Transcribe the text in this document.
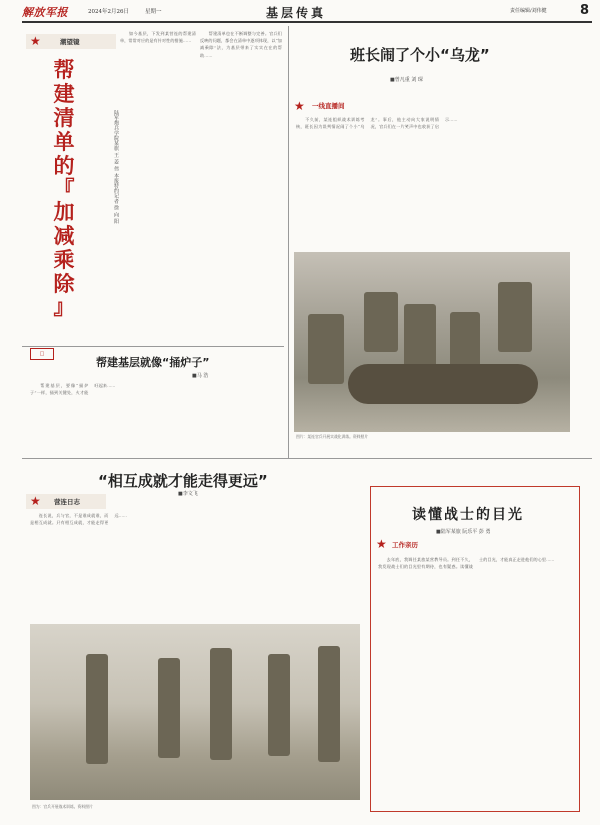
解放军报	2024年2月26日	星期一	基层传真	责任编辑/刘伟健	8
★	潮望镜
帮
建
清
单
的
『
加
减
乘
除
』
陆军炮兵学院某旅 王 姜 伟 本报特约记者 徐 向 阳
　　如今基层，下发到某营连的帮建清单，常常对应的是有针对性的措施……
　　帮建清单也在不断调整与完善。官兵们反映的问题，都会在清单中逐项体现，以“加减乘除”法，为基层带来了实实在在的帮助……
□
帮建基层就像“捅炉子”
■马 浩
　　帮建基层，要像“捅炉子”一样，捅到关键处，火才能旺起来……
班长闹了个小“乌龙”
■曾凡重 刘 琛
★ 一线直播间
　　不久前，某连组织战术训练考核，班长因为误判情况闹了个小“乌龙”。事后，他主动向大家说明情况，官兵们在一片笑声中也收获了启示……
图片：某连官兵开展实战化训练。资料照片
“相互成就才能走得更远”
■李文飞
★ 营连日志
　　连长说，兵与官，不是谁成就谁，而是相互成就。只有相互成就，才能走得更远……
图为：官兵开展战术训练。资料照片
读懂战士的目光
■陆军某旅 阮乐平 彭 勇
★ 工作亲历
　　去年底，我调任某旅某营教导员。到任不久，我发现战士们的目光里有期待，也有疑惑。读懂战士的目光，才能真正走进他们的心里……
